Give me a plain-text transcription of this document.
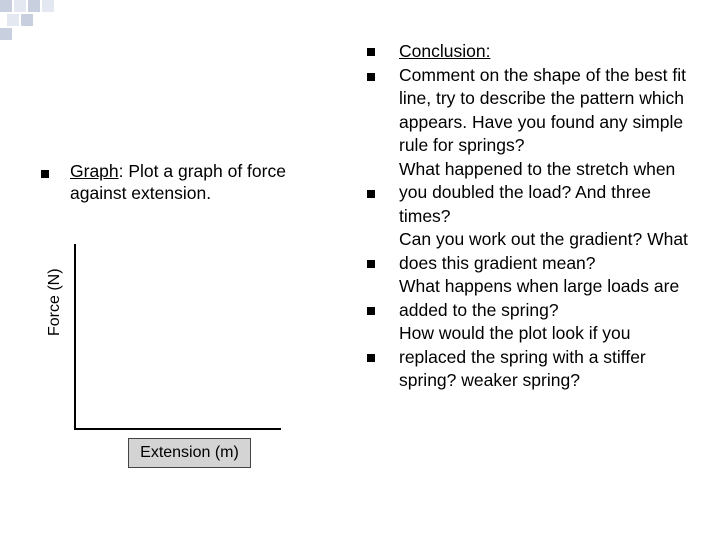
Graph: Plot a graph of force against extension.
Force (N)
Extension (m)
Conclusion:
Comment on the shape of the best fit line, try to describe the pattern which appears. Have you found any simple rule for springs?
What happened to the stretch when you doubled the load? And three times?
Can you work out the gradient? What does this gradient mean?
What happens when large loads are added to the spring?
How would the plot look if you replaced the spring with a stiffer spring? weaker spring?
